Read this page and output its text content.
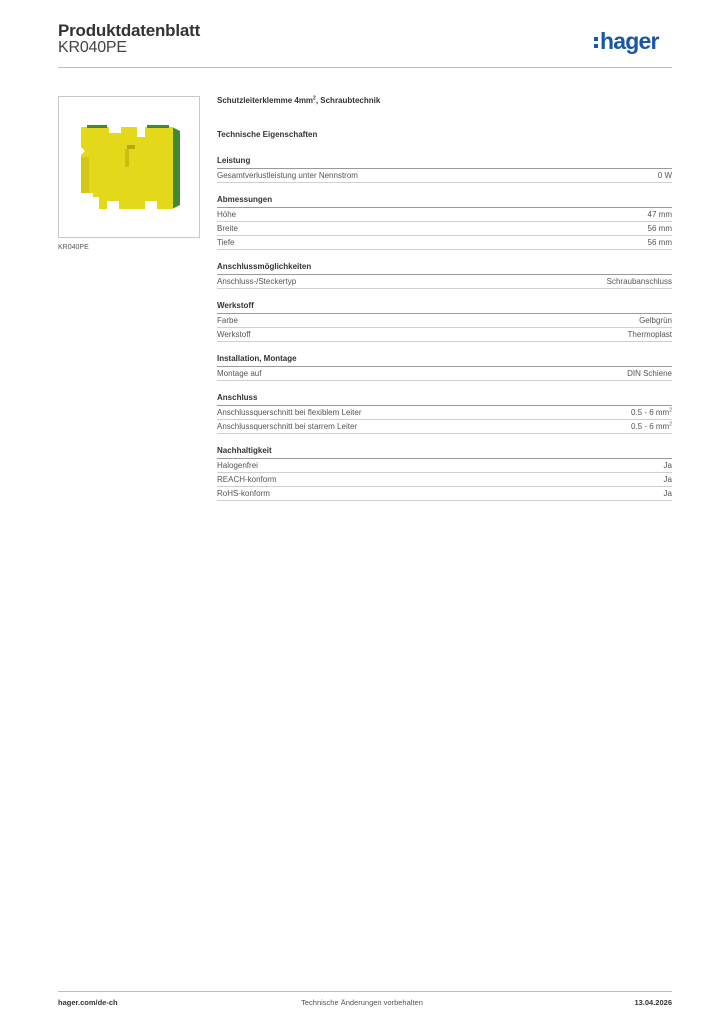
Produktdatenblatt
KR040PE	hager
KR040PE
Schutzleiterklemme $4mm^2$, Schraubtechnik
Technische Eigenschaften
Leistung
Gesamtverlustleistung unter Nennstrom	0 W
Abmessungen
Höhe	47 mm
Breite	56 mm
Tiefe	56 mm
Anschlussmöglichkeiten
Anschluss-/Steckertyp	Schraubanschluss
Werkstoff
Farbe	Gelbgrün
Werkstoff	Thermoplast
Installation, Montage
Montage auf	DIN Schiene
Anschluss
Anschlussquerschnitt bei flexiblem Leiter	0.5 - 6 $mm^2$
Anschlussquerschnitt bei starrem Leiter	0.5 - 6 $mm^2$
Nachhaltigkeit
Halogenfrei	Ja
REACH-konform	Ja
RoHS-konform	Ja
hager.com/de-ch	Technische Änderungen vorbehalten	13.04.2026
